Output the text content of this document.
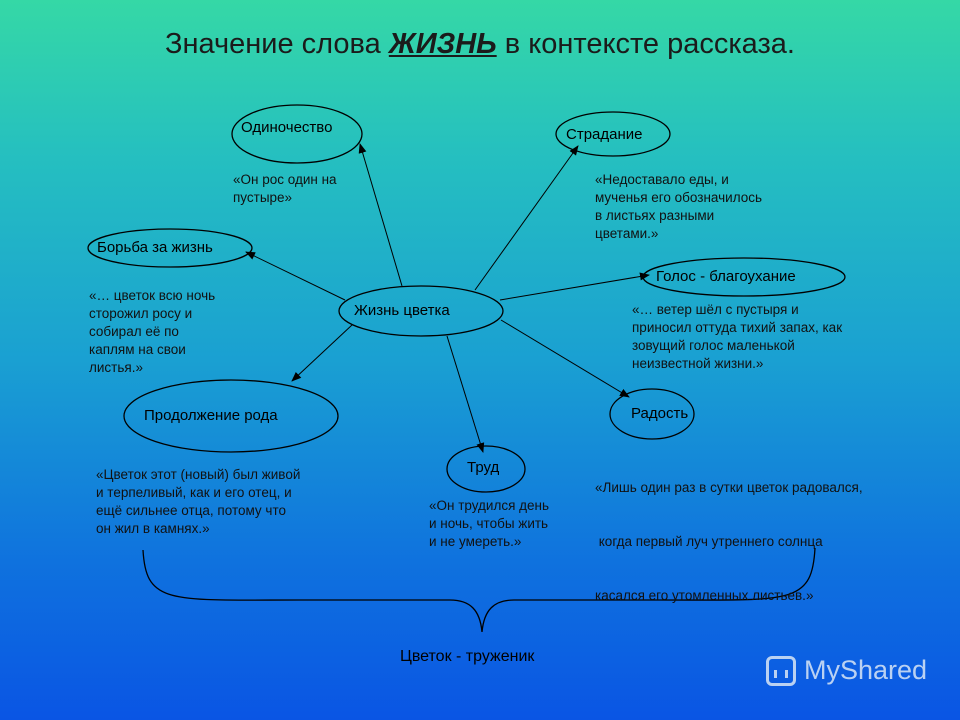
Значение слова ЖИЗНЬ в контексте рассказа.
Одиночество	Страдание
Борьба за жизнь
Голос - благоухание
Жизнь цветка
Продолжение рода	Радость
Труд
«Он рос один на
пустыре»
«Недоставало еды, и
мученья его обозначилось
в листьях разными
цветами.»
«… цветок всю ночь
сторожил росу и
собирал её по
каплям на свои
листья.»
«… ветер шёл с пустыря и
приносил оттуда тихий запах, как
зовущий голос маленькой
неизвестной жизни.»
«Цветок этот (новый) был живой
и терпеливый, как и его отец, и
ещё сильнее отца, потому что
он жил в камнях.»

«Лишь один раз в сутки цветок радовался,

когда первый луч утреннего солнца

касался его утомленных листьев.»

«Он трудился день
и ночь, чтобы жить
и не умереть.»
Цветок - труженик	MyShared
